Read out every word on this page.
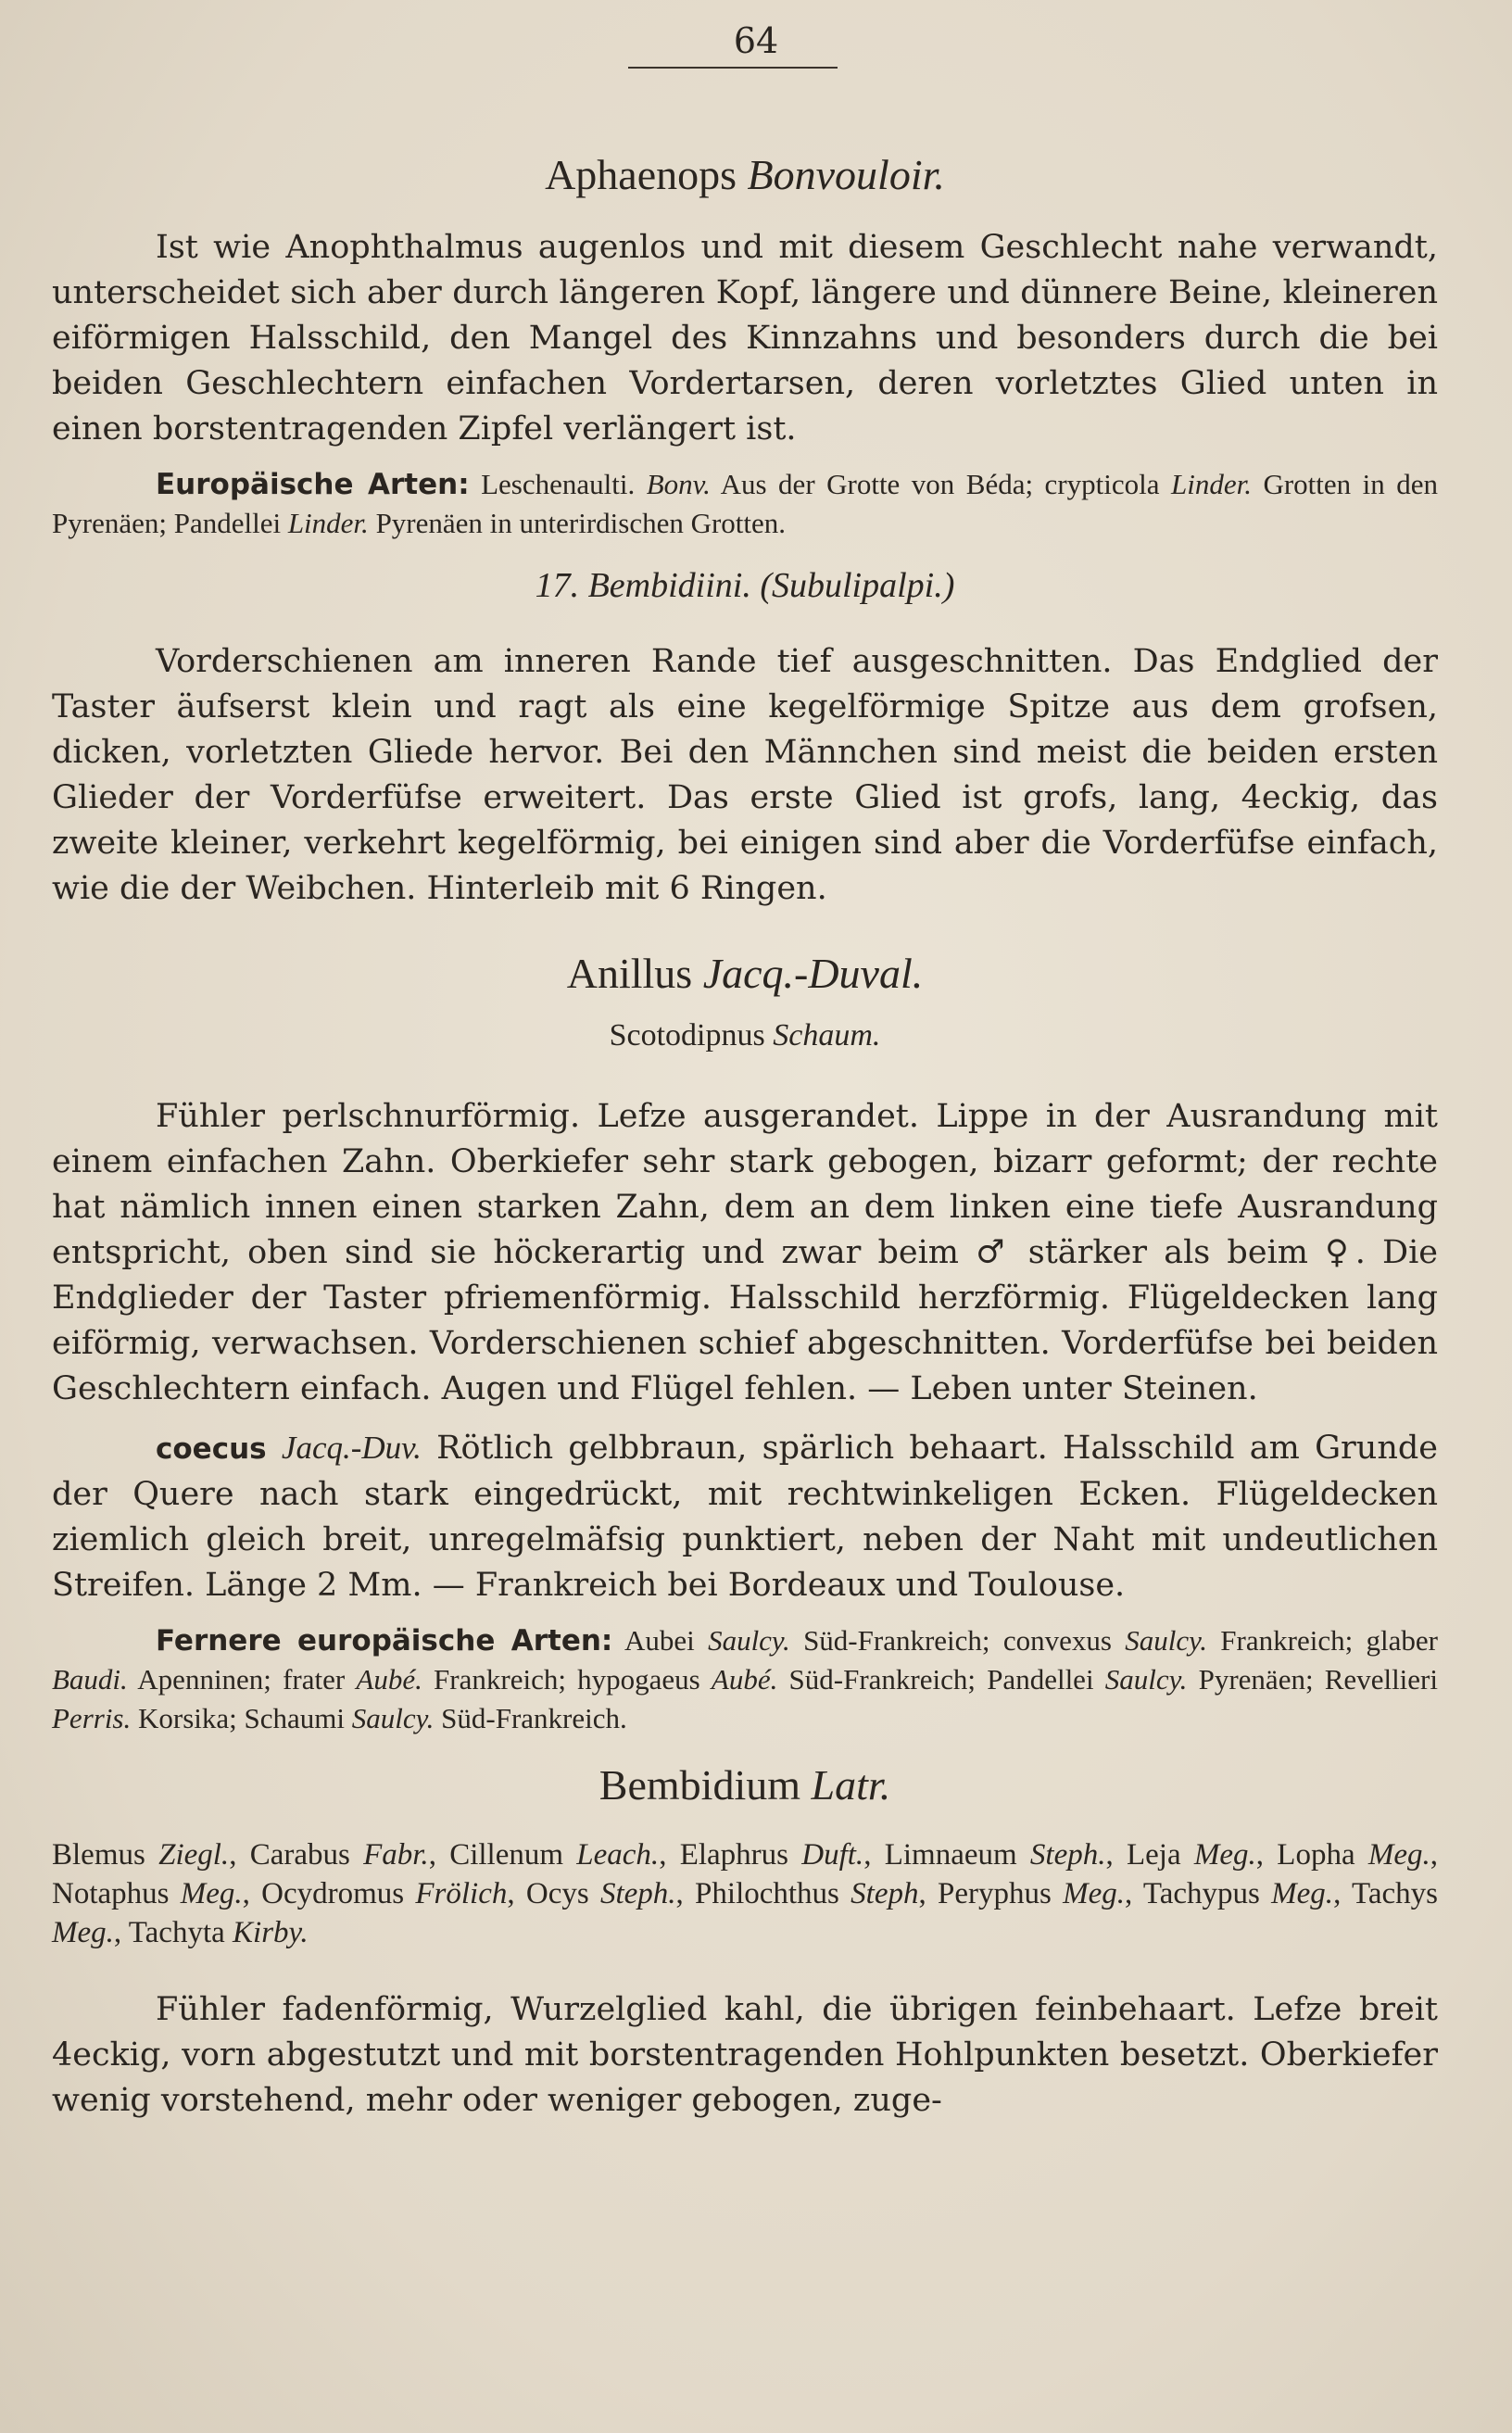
64
Aphaenops Bonvouloir.

Ist wie Anophthalmus augenlos und mit diesem Geschlecht nahe verwandt, unterscheidet sich aber durch längeren Kopf, längere und dünnere Beine, kleineren eiförmigen Halsschild, den Mangel des Kinnzahns und besonders durch die bei beiden Geschlechtern einfachen Vordertarsen, deren vorletztes Glied unten in einen borstentragenden Zipfel verlängert ist.

Europäische Arten: Leschenaulti. Bonv. Aus der Grotte von Béda; crypticola Linder. Grotten in den Pyrenäen; Pandellei Linder. Pyrenäen in unterirdischen Grotten.

17. Bembidiini. (Subulipalpi.)

Vorderschienen am inneren Rande tief ausgeschnitten. Das Endglied der Taster äufserst klein und ragt als eine kegelförmige Spitze aus dem grofsen, dicken, vorletzten Gliede hervor. Bei den Männchen sind meist die beiden ersten Glieder der Vorderfüfse erweitert. Das erste Glied ist grofs, lang, 4eckig, das zweite kleiner, verkehrt kegelförmig, bei einigen sind aber die Vorderfüfse einfach, wie die der Weibchen. Hinterleib mit 6 Ringen.

Anillus Jacq.-Duval.
Scotodipnus Schaum.

Fühler perlschnurförmig. Lefze ausgerandet. Lippe in der Ausrandung mit einem einfachen Zahn. Oberkiefer sehr stark gebogen, bizarr geformt; der rechte hat nämlich innen einen starken Zahn, dem an dem linken eine tiefe Ausrandung entspricht, oben sind sie höckerartig und zwar beim ♂ stärker als beim ♀. Die Endglieder der Taster pfriemenförmig. Halsschild herzförmig. Flügeldecken lang eiförmig, verwachsen. Vorderschienen schief abgeschnitten. Vorderfüfse bei beiden Geschlechtern einfach. Augen und Flügel fehlen. — Leben unter Steinen.

coecus Jacq.-Duv. Rötlich gelbbraun, spärlich behaart. Halsschild am Grunde der Quere nach stark eingedrückt, mit rechtwinkeligen Ecken. Flügeldecken ziemlich gleich breit, unregelmäfsig punktiert, neben der Naht mit undeutlichen Streifen. Länge 2 Mm. — Frankreich bei Bordeaux und Toulouse.

Fernere europäische Arten: Aubei Saulcy. Süd-Frankreich; convexus Saulcy. Frankreich; glaber Baudi. Apenninen; frater Aubé. Frankreich; hypogaeus Aubé. Süd-Frankreich; Pandellei Saulcy. Pyrenäen; Revellieri Perris. Korsika; Schaumi Saulcy. Süd-Frankreich.

Bembidium Latr.

Blemus Ziegl., Carabus Fabr., Cillenum Leach., Elaphrus Duft., Limnaeum Steph., Leja Meg., Lopha Meg., Notaphus Meg., Ocydromus Frölich, Ocys Steph., Philochthus Steph, Peryphus Meg., Tachypus Meg., Tachys Meg., Tachyta Kirby.

Fühler fadenförmig, Wurzelglied kahl, die übrigen feinbehaart. Lefze breit 4eckig, vorn abgestutzt und mit borstentragenden Hohlpunkten besetzt. Oberkiefer wenig vorstehend, mehr oder weniger gebogen, zuge-
